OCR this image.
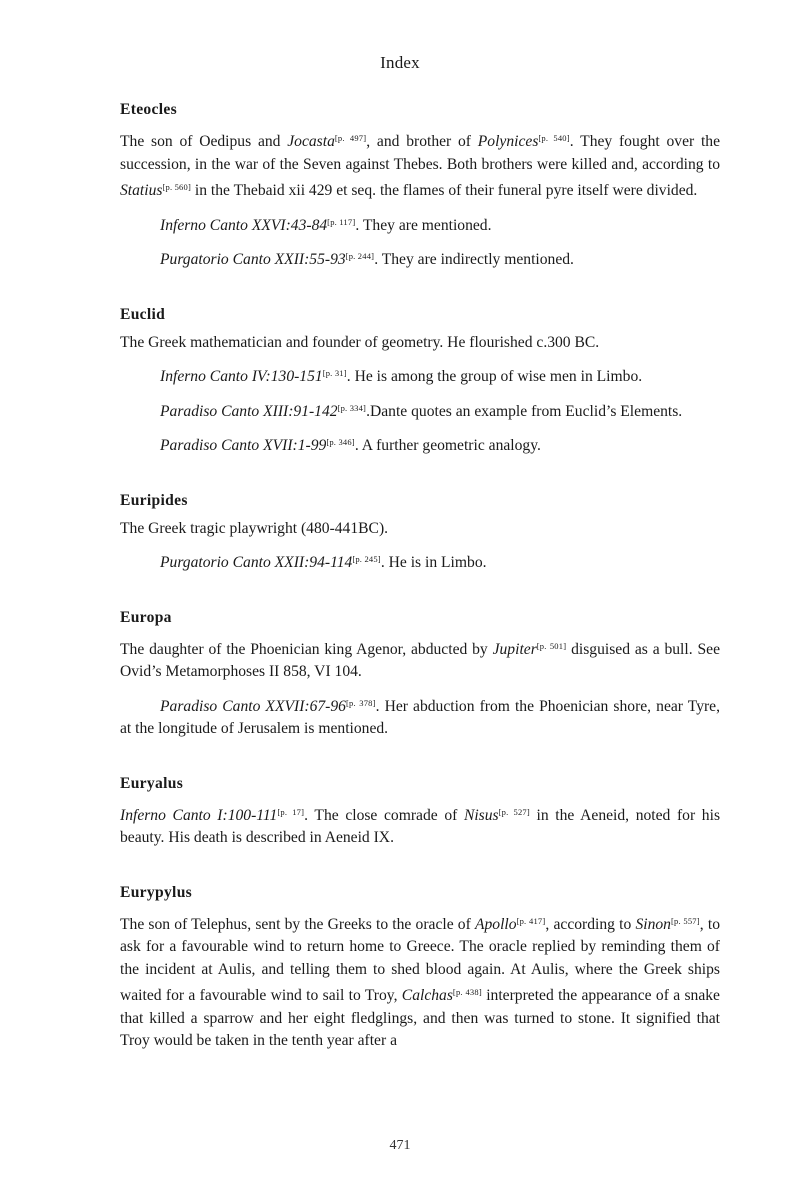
Index
Eteocles

The son of Oedipus and Jocasta[p. 497], and brother of Polynices[p. 540]. They fought over the succession, in the war of the Seven against Thebes. Both brothers were killed and, according to Statius[p. 560] in the Thebaid xii 429 et seq. the flames of their funeral pyre itself were divided.

Inferno Canto XXVI:43-84[p. 117]. They are mentioned.

Purgatorio Canto XXII:55-93[p. 244]. They are indirectly mentioned.

Euclid

The Greek mathematician and founder of geometry. He flourished c.300 BC.

Inferno Canto IV:130-151[p. 31]. He is among the group of wise men in Limbo.

Paradiso Canto XIII:91-142[p. 334].Dante quotes an example from Euclid’s Elements.

Paradiso Canto XVII:1-99[p. 346]. A further geometric analogy.

Euripides

The Greek tragic playwright (480-441BC).

Purgatorio Canto XXII:94-114[p. 245]. He is in Limbo.

Europa

The daughter of the Phoenician king Agenor, abducted by Jupiter[p. 501] disguised as a bull. See Ovid’s Metamorphoses II 858, VI 104.

Paradiso Canto XXVII:67-96[p. 378]. Her abduction from the Phoenician shore, near Tyre, at the longitude of Jerusalem is mentioned.

Euryalus

Inferno Canto I:100-111[p. 17]. The close comrade of Nisus[p. 527] in the Aeneid, noted for his beauty. His death is described in Aeneid IX.

Eurypylus

The son of Telephus, sent by the Greeks to the oracle of Apollo[p. 417], according to Sinon[p. 557], to ask for a favourable wind to return home to Greece. The oracle replied by reminding them of the incident at Aulis, and telling them to shed blood again. At Aulis, where the Greek ships waited for a favourable wind to sail to Troy, Calchas[p. 438] interpreted the appearance of a snake that killed a sparrow and her eight fledglings, and then was turned to stone. It signified that Troy would be taken in the tenth year after a

471
